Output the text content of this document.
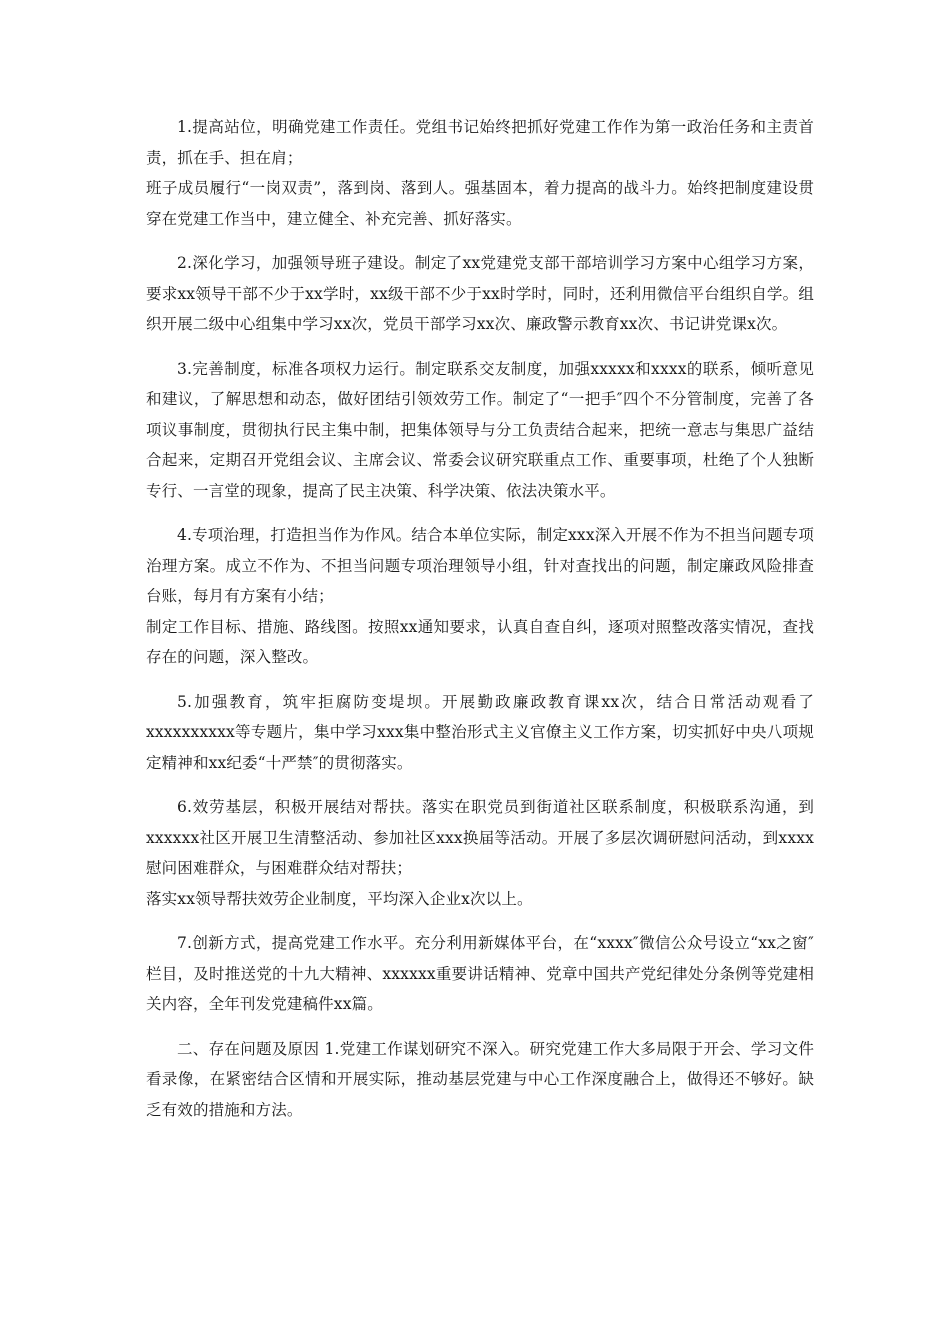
1.提高站位，明确党建工作责任。党组书记始终把抓好党建工作作为第一政治任务和主责首责，抓在手、担在肩；
班子成员履行“一岗双责”，落到岗、落到人。强基固本，着力提高的战斗力。始终把制度建设贯穿在党建工作当中，建立健全、补充完善、抓好落实。
2.深化学习，加强领导班子建设。制定了xx党建党支部干部培训学习方案中心组学习方案，要求xx领导干部不少于xx学时，xx级干部不少于xx时学时，同时，还利用微信平台组织自学。组织开展二级中心组集中学习xx次，党员干部学习xx次、廉政警示教育xx次、书记讲党课x次。
3.完善制度，标准各项权力运行。制定联系交友制度，加强xxxxx和xxxx的联系，倾听意见和建议，了解思想和动态，做好团结引领效劳工作。制定了“一把手″四个不分管制度，完善了各项议事制度，贯彻执行民主集中制，把集体领导与分工负责结合起来，把统一意志与集思广益结合起来，定期召开党组会议、主席会议、常委会议研究联重点工作、重要事项，杜绝了个人独断专行、一言堂的现象，提高了民主决策、科学决策、依法决策水平。
4.专项治理，打造担当作为作风。结合本单位实际，制定xxx深入开展不作为不担当问题专项治理方案。成立不作为、不担当问题专项治理领导小组，针对查找出的问题，制定廉政风险排查台账，每月有方案有小结；
制定工作目标、措施、路线图。按照xx通知要求，认真自查自纠，逐项对照整改落实情况，查找存在的问题，深入整改。
5.加强教育，筑牢拒腐防变堤坝。开展勤政廉政教育课xx次，结合日常活动观看了xxxxxxxxxx等专题片，集中学习xxx集中整治形式主义官僚主义工作方案，切实抓好中央八项规定精神和xx纪委“十严禁″的贯彻落实。
6.效劳基层，积极开展结对帮扶。落实在职党员到街道社区联系制度，积极联系沟通，到xxxxxx社区开展卫生清整活动、参加社区xxx换届等活动。开展了多层次调研慰问活动，到xxxx慰问困难群众，与困难群众结对帮扶；
落实xx领导帮扶效劳企业制度，平均深入企业x次以上。
7.创新方式，提高党建工作水平。充分利用新媒体平台，在“xxxx″微信公众号设立“xx之窗″栏目，及时推送党的十九大精神、xxxxxx重要讲话精神、党章中国共产党纪律处分条例等党建相关内容，全年刊发党建稿件xx篇。
二、存在问题及原因 1.党建工作谋划研究不深入。研究党建工作大多局限于开会、学习文件看录像，在紧密结合区情和开展实际，推动基层党建与中心工作深度融合上，做得还不够好。缺乏有效的措施和方法。
